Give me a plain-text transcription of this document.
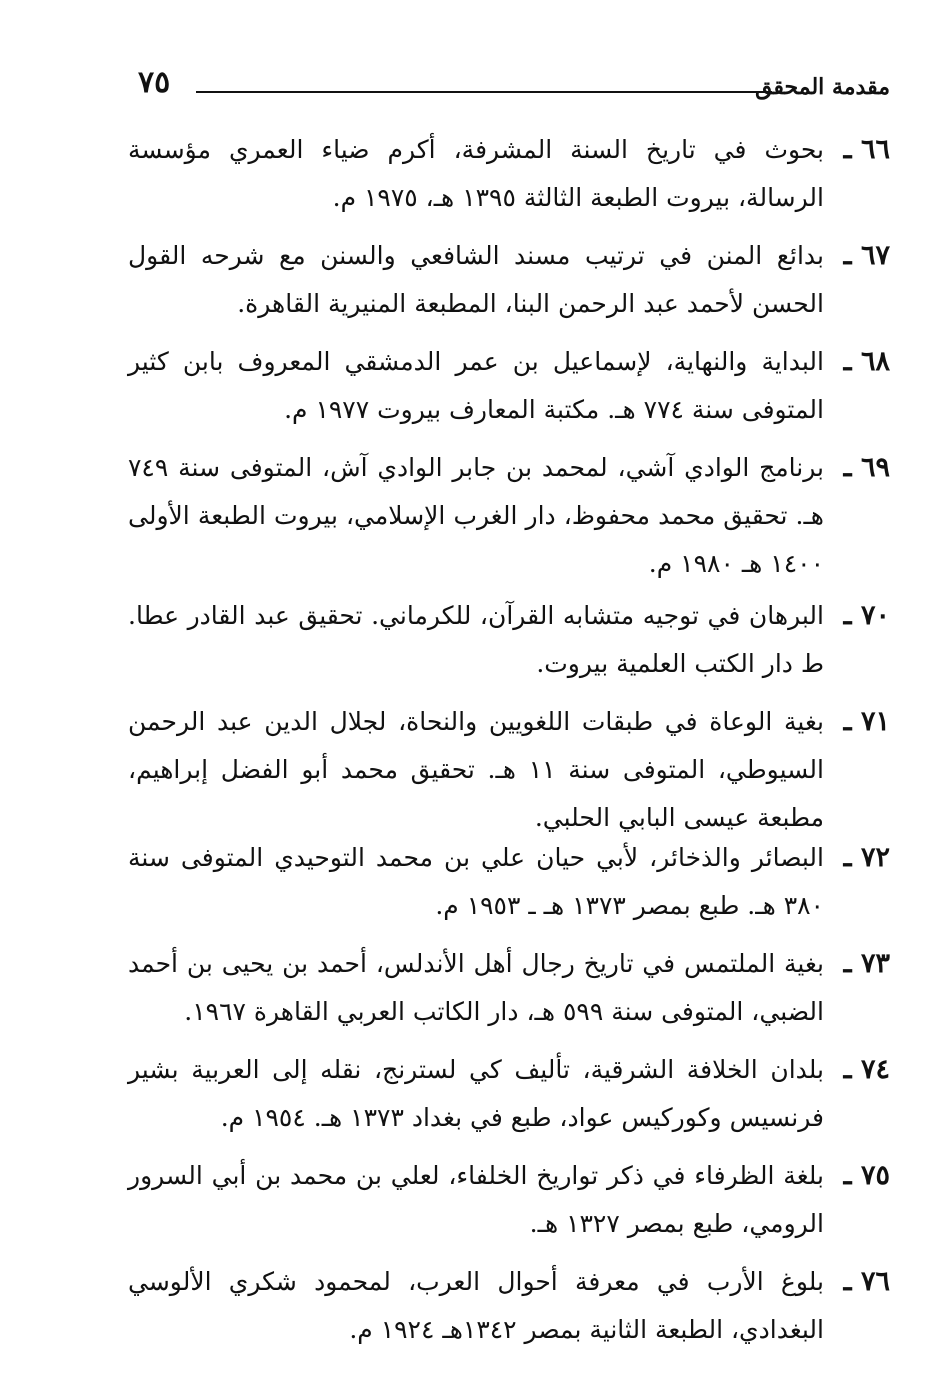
مقدمة المحقق
٧٥
٦٦ ـ
بحوث في تاريخ السنة المشرفة، أكرم ضياء العمري مؤسسة الرسالة، بيروت الطبعة الثالثة ١٣٩٥ هـ، ١٩٧٥ م.
٦٧ ـ
بدائع المنن في ترتيب مسند الشافعي والسنن مع شرحه القول الحسن لأحمد عبد الرحمن البنا، المطبعة المنيرية القاهرة.
٦٨ ـ
البداية والنهاية، لإسماعيل بن عمر الدمشقي المعروف بابن كثير المتوفى سنة ٧٧٤ هـ. مكتبة المعارف بيروت ١٩٧٧ م.
٦٩ ـ
برنامج الوادي آشي، لمحمد بن جابر الوادي آش، المتوفى سنة ٧٤٩ هـ. تحقيق محمد محفوظ، دار الغرب الإسلامي، بيروت الطبعة الأولى ١٤٠٠ هـ ١٩٨٠ م.
٧٠ ـ
البرهان في توجيه متشابه القرآن، للكرماني. تحقيق عبد القادر عطا. ط دار الكتب العلمية بيروت.
٧١ ـ
بغية الوعاة في طبقات اللغويين والنحاة، لجلال الدين عبد الرحمن السيوطي، المتوفى سنة ١١ هـ. تحقيق محمد أبو الفضل إبراهيم، مطبعة عيسى البابي الحلبي.
٧٢ ـ
البصائر والذخائر، لأبي حيان علي بن محمد التوحيدي المتوفى سنة ٣٨٠ هـ. طبع بمصر ١٣٧٣ هـ ـ ١٩٥٣ م.
٧٣ ـ
بغية الملتمس في تاريخ رجال أهل الأندلس، أحمد بن يحيى بن أحمد الضبي، المتوفى سنة ٥٩٩ هـ، دار الكاتب العربي القاهرة ١٩٦٧.
٧٤ ـ
بلدان الخلافة الشرقية، تأليف كي لسترنج، نقله إلى العربية بشير فرنسيس وكوركيس عواد، طبع في بغداد ١٣٧٣ هـ. ١٩٥٤ م.
٧٥ ـ
بلغة الظرفاء في ذكر تواريخ الخلفاء، لعلي بن محمد بن أبي السرور الرومي، طبع بمصر ١٣٢٧ هـ.
٧٦ ـ
بلوغ الأرب في معرفة أحوال العرب، لمحمود شكري الألوسي البغدادي، الطبعة الثانية بمصر ١٣٤٢هـ ١٩٢٤ م.
